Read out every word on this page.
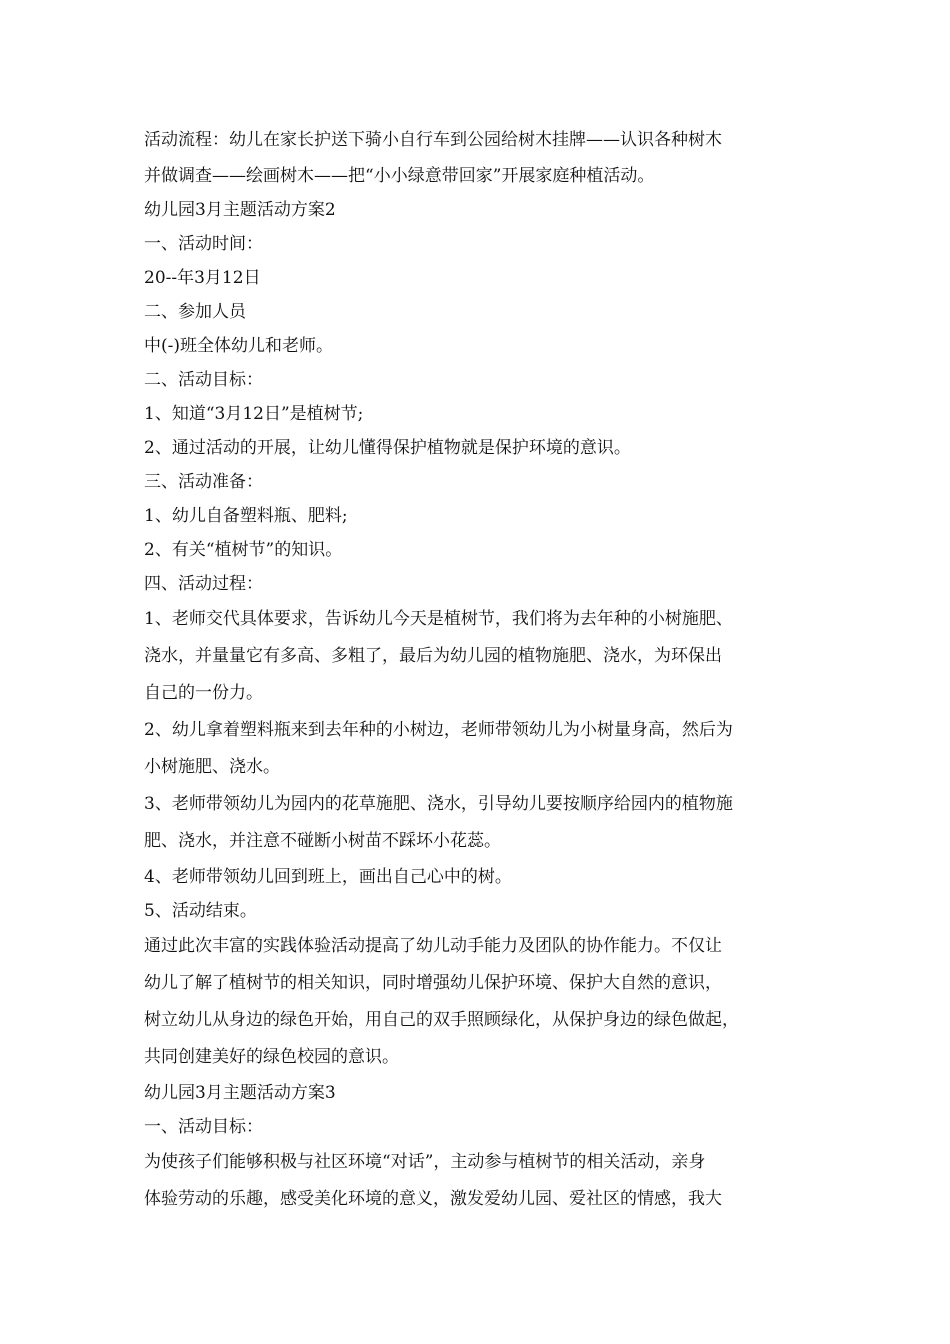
活动流程：幼儿在家长护送下骑小自行车到公园给树木挂牌——认识各种树木
并做调查——绘画树木——把“小小绿意带回家”开展家庭种植活动。
幼儿园3月主题活动方案2
一、活动时间：
20--年3月12日
二、参加人员
中(-)班全体幼儿和老师。
二、活动目标：
1、知道“3月12日”是植树节;
2、通过活动的开展，让幼儿懂得保护植物就是保护环境的意识。
三、活动准备：
1、幼儿自备塑料瓶、肥料;
2、有关“植树节”的知识。
四、活动过程：
1、老师交代具体要求，告诉幼儿今天是植树节，我们将为去年种的小树施肥、
浇水，并量量它有多高、多粗了，最后为幼儿园的植物施肥、浇水，为环保出
自己的一份力。
2、幼儿拿着塑料瓶来到去年种的小树边，老师带领幼儿为小树量身高，然后为
小树施肥、浇水。
3、老师带领幼儿为园内的花草施肥、浇水，引导幼儿要按顺序给园内的植物施
肥、浇水，并注意不碰断小树苗不踩坏小花蕊。
4、老师带领幼儿回到班上，画出自己心中的树。
5、活动结束。
通过此次丰富的实践体验活动提高了幼儿动手能力及团队的协作能力。不仅让
幼儿了解了植树节的相关知识，同时增强幼儿保护环境、保护大自然的意识，
树立幼儿从身边的绿色开始，用自己的双手照顾绿化，从保护身边的绿色做起，
共同创建美好的绿色校园的意识。
幼儿园3月主题活动方案3
一、活动目标：
为使孩子们能够积极与社区环境“对话”，主动参与植树节的相关活动，亲身
体验劳动的乐趣，感受美化环境的意义，激发爱幼儿园、爱社区的情感，我大
